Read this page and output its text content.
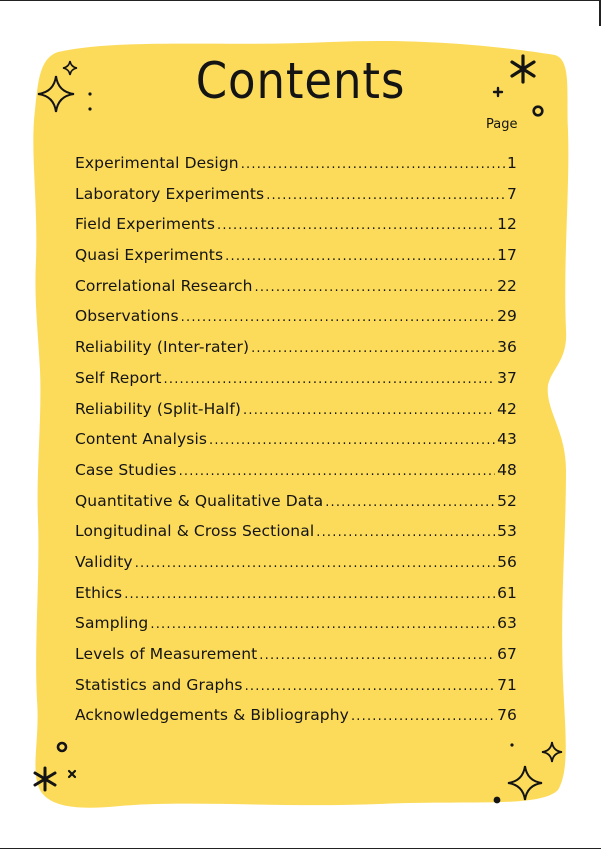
Contents
Page
Experimental Design .....	1
Laboratory Experiments .....	7
Field Experiments .....	12
Quasi Experiments .....	17
Correlational Research .....	22
Observations .....	29
Reliability (Inter-rater) .....	36
Self Report .....	37
Reliability (Split-Half) .....	42
Content Analysis .....	43
Case Studies .....	48
Quantitative & Qualitative Data .....	52
Longitudinal & Cross Sectional .....	53
Validity .....	56
Ethics .....	61
Sampling .....	63
Levels of Measurement .....	67
Statistics and Graphs .....	71
Acknowledgements & Bibliography .....	76
